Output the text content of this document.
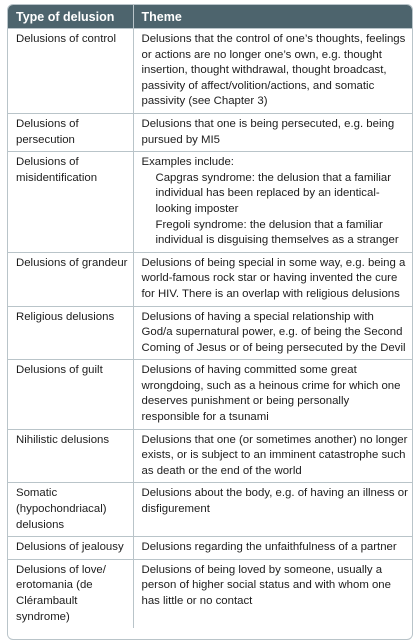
Type of delusion	Theme
Delusions of control	Delusions that the control of one’s thoughts, feelings or actions are no longer one’s own, e.g. thought insertion, thought withdrawal, thought broadcast, passivity of affect/volition/actions, and somatic passivity (see Chapter 3)
Delusions of persecution	Delusions that one is being persecuted, e.g. being pursued by MI5
Delusions of misidentification	Examples include:
Capgras syndrome: the delusion that a familiar individual has been replaced by an identical-looking imposter
Fregoli syndrome: the delusion that a familiar individual is disguising themselves as a stranger

Delusions of grandeur	Delusions of being special in some way, e.g. being a world-famous rock star or having invented the cure for HIV. There is an overlap with religious delusions
Religious delusions	Delusions of having a special relationship with God/a supernatural power, e.g. of being the Second Coming of Jesus or of being persecuted by the Devil
Delusions of guilt	Delusions of having committed some great wrongdoing, such as a heinous crime for which one deserves punishment or being personally responsible for a tsunami
Nihilistic delusions	Delusions that one (or sometimes another) no longer exists, or is subject to an imminent catastrophe such as death or the end of the world
Somatic (hypochondriacal) delusions	Delusions about the body, e.g. of having an illness or disfigurement
Delusions of jealousy	Delusions regarding the unfaithfulness of a partner
Delusions of love/ erotomania (de Clérambault syndrome)	Delusions of being loved by someone, usually a person of higher social status and with whom one has little or no contact
